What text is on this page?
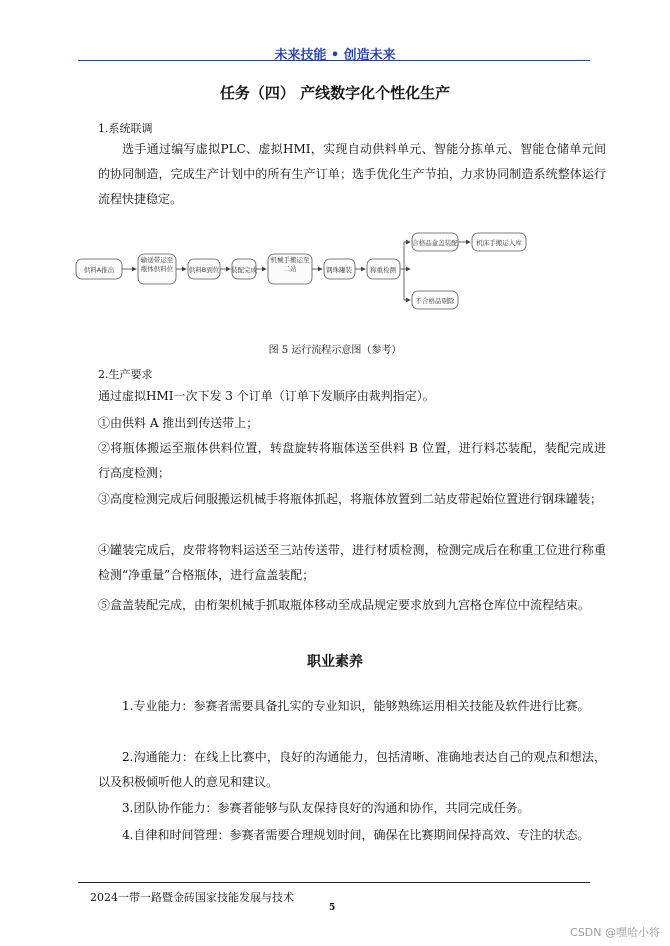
未来技能 • 创造未来
任务（四） 产线数字化个性化生产
1.系统联调

选手通过编写虚拟PLC、虚拟HMI，实现自动供料单元、智能分拣单元、智能仓储单元间的协同制造，完成生产计划中的所有生产订单；选手优化生产节拍，力求协同制造系统整体运行流程快捷稳定。

供料A推出
输送带运至瓶体供料位	供料B到位 装配完成
机械手搬运至二站	钢珠罐装	称重检测
合格品盒盖装配	机床手搬运入库
不合格品剔除
图 5 运行流程示意图（参考）
2.生产要求

通过虚拟HMI一次下发 3 个订单（订单下发顺序由裁判指定）。

①由供料 A 推出到传送带上；

②将瓶体搬运至瓶体供料位置，转盘旋转将瓶体送至供料 B 位置，进行料芯装配，装配完成进行高度检测；

③高度检测完成后伺服搬运机械手将瓶体抓起，将瓶体放置到二站皮带起始位置进行钢珠罐装；

④罐装完成后，皮带将物料运送至三站传送带，进行材质检测，检测完成后在称重工位进行称重检测“净重量”合格瓶体，进行盒盖装配；

⑤盒盖装配完成，由桁架机械手抓取瓶体移动至成品规定要求放到九宫格仓库位中流程结束。

职业素养

1.专业能力：参赛者需要具备扎实的专业知识，能够熟练运用相关技能及软件进行比赛。

2.沟通能力：在线上比赛中，良好的沟通能力，包括清晰、准确地表达自己的观点和想法，以及积极倾听他人的意见和建议。

3.团队协作能力：参赛者能够与队友保持良好的沟通和协作，共同完成任务。

4.自律和时间管理：参赛者需要合理规划时间，确保在比赛期间保持高效、专注的状态。

2024一带一路暨金砖国家技能发展与技术
5
CSDN @嘿哈小将
